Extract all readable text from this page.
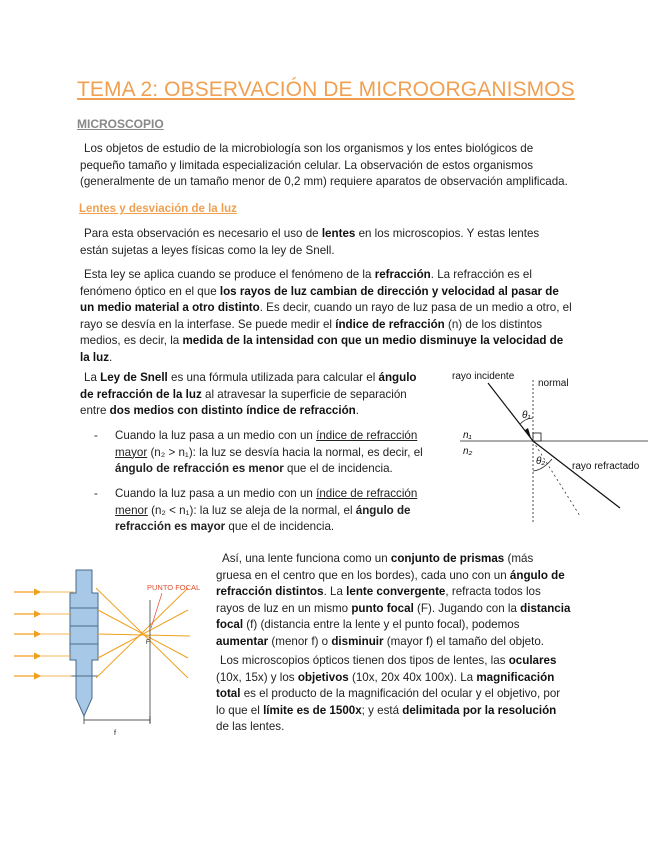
TEMA 2: OBSERVACIÓN DE MICROORGANISMOS
MICROSCOPIO
Los objetos de estudio de la microbiología son los organismos y los entes biológicos de
pequeño tamaño y limitada especialización celular. La observación de estos organismos
(generalmente de un tamaño menor de 0,2 mm) requiere aparatos de observación amplificada.
Lentes y desviación de la luz
Para esta observación es necesario el uso de lentes en los microscopios. Y estas lentes
están sujetas a leyes físicas como la ley de Snell.
Esta ley se aplica cuando se produce el fenómeno de la refracción. La refracción es el
fenómeno óptico en el que los rayos de luz cambian de dirección y velocidad al pasar de
un medio material a otro distinto. Es decir, cuando un rayo de luz pasa de un medio a otro, el
rayo se desvía en la interfase. Se puede medir el índice de refracción (n) de los distintos
medios, es decir, la medida de la intensidad con que un medio disminuye la velocidad de
la luz.
La Ley de Snell es una fórmula utilizada para calcular el ángulo
de refracción de la luz al atravesar la superficie de separación
entre dos medios con distinto índice de refracción.
- Cuando la luz pasa a un medio con un índice de refracción
mayor (n₂ > n₁): la luz se desvía hacia la normal, es decir, el
ángulo de refracción es menor que el de incidencia.
- Cuando la luz pasa a un medio con un índice de refracción
menor (n₂ < n₁): la luz se aleja de la normal, el ángulo de
refracción es mayor que el de incidencia.
rayo incidente
normal
n₁
n₂
θ₁
θ₂	rayo refractado
PUNTO FOCAL
F
f
Así, una lente funciona como un conjunto de prismas (más
gruesa en el centro que en los bordes), cada uno con un ángulo de
refracción distintos. La lente convergente, refracta todos los
rayos de luz en un mismo punto focal (F). Jugando con la distancia
focal (f) (distancia entre la lente y el punto focal), podemos
aumentar (menor f) o disminuir (mayor f) el tamaño del objeto.
Los microscopios ópticos tienen dos tipos de lentes, las oculares
(10x, 15x) y los objetivos (10x, 20x 40x 100x). La magnificación
total es el producto de la magnificación del ocular y el objetivo, por
lo que el límite es de 1500x; y está delimitada por la resolución
de las lentes.
